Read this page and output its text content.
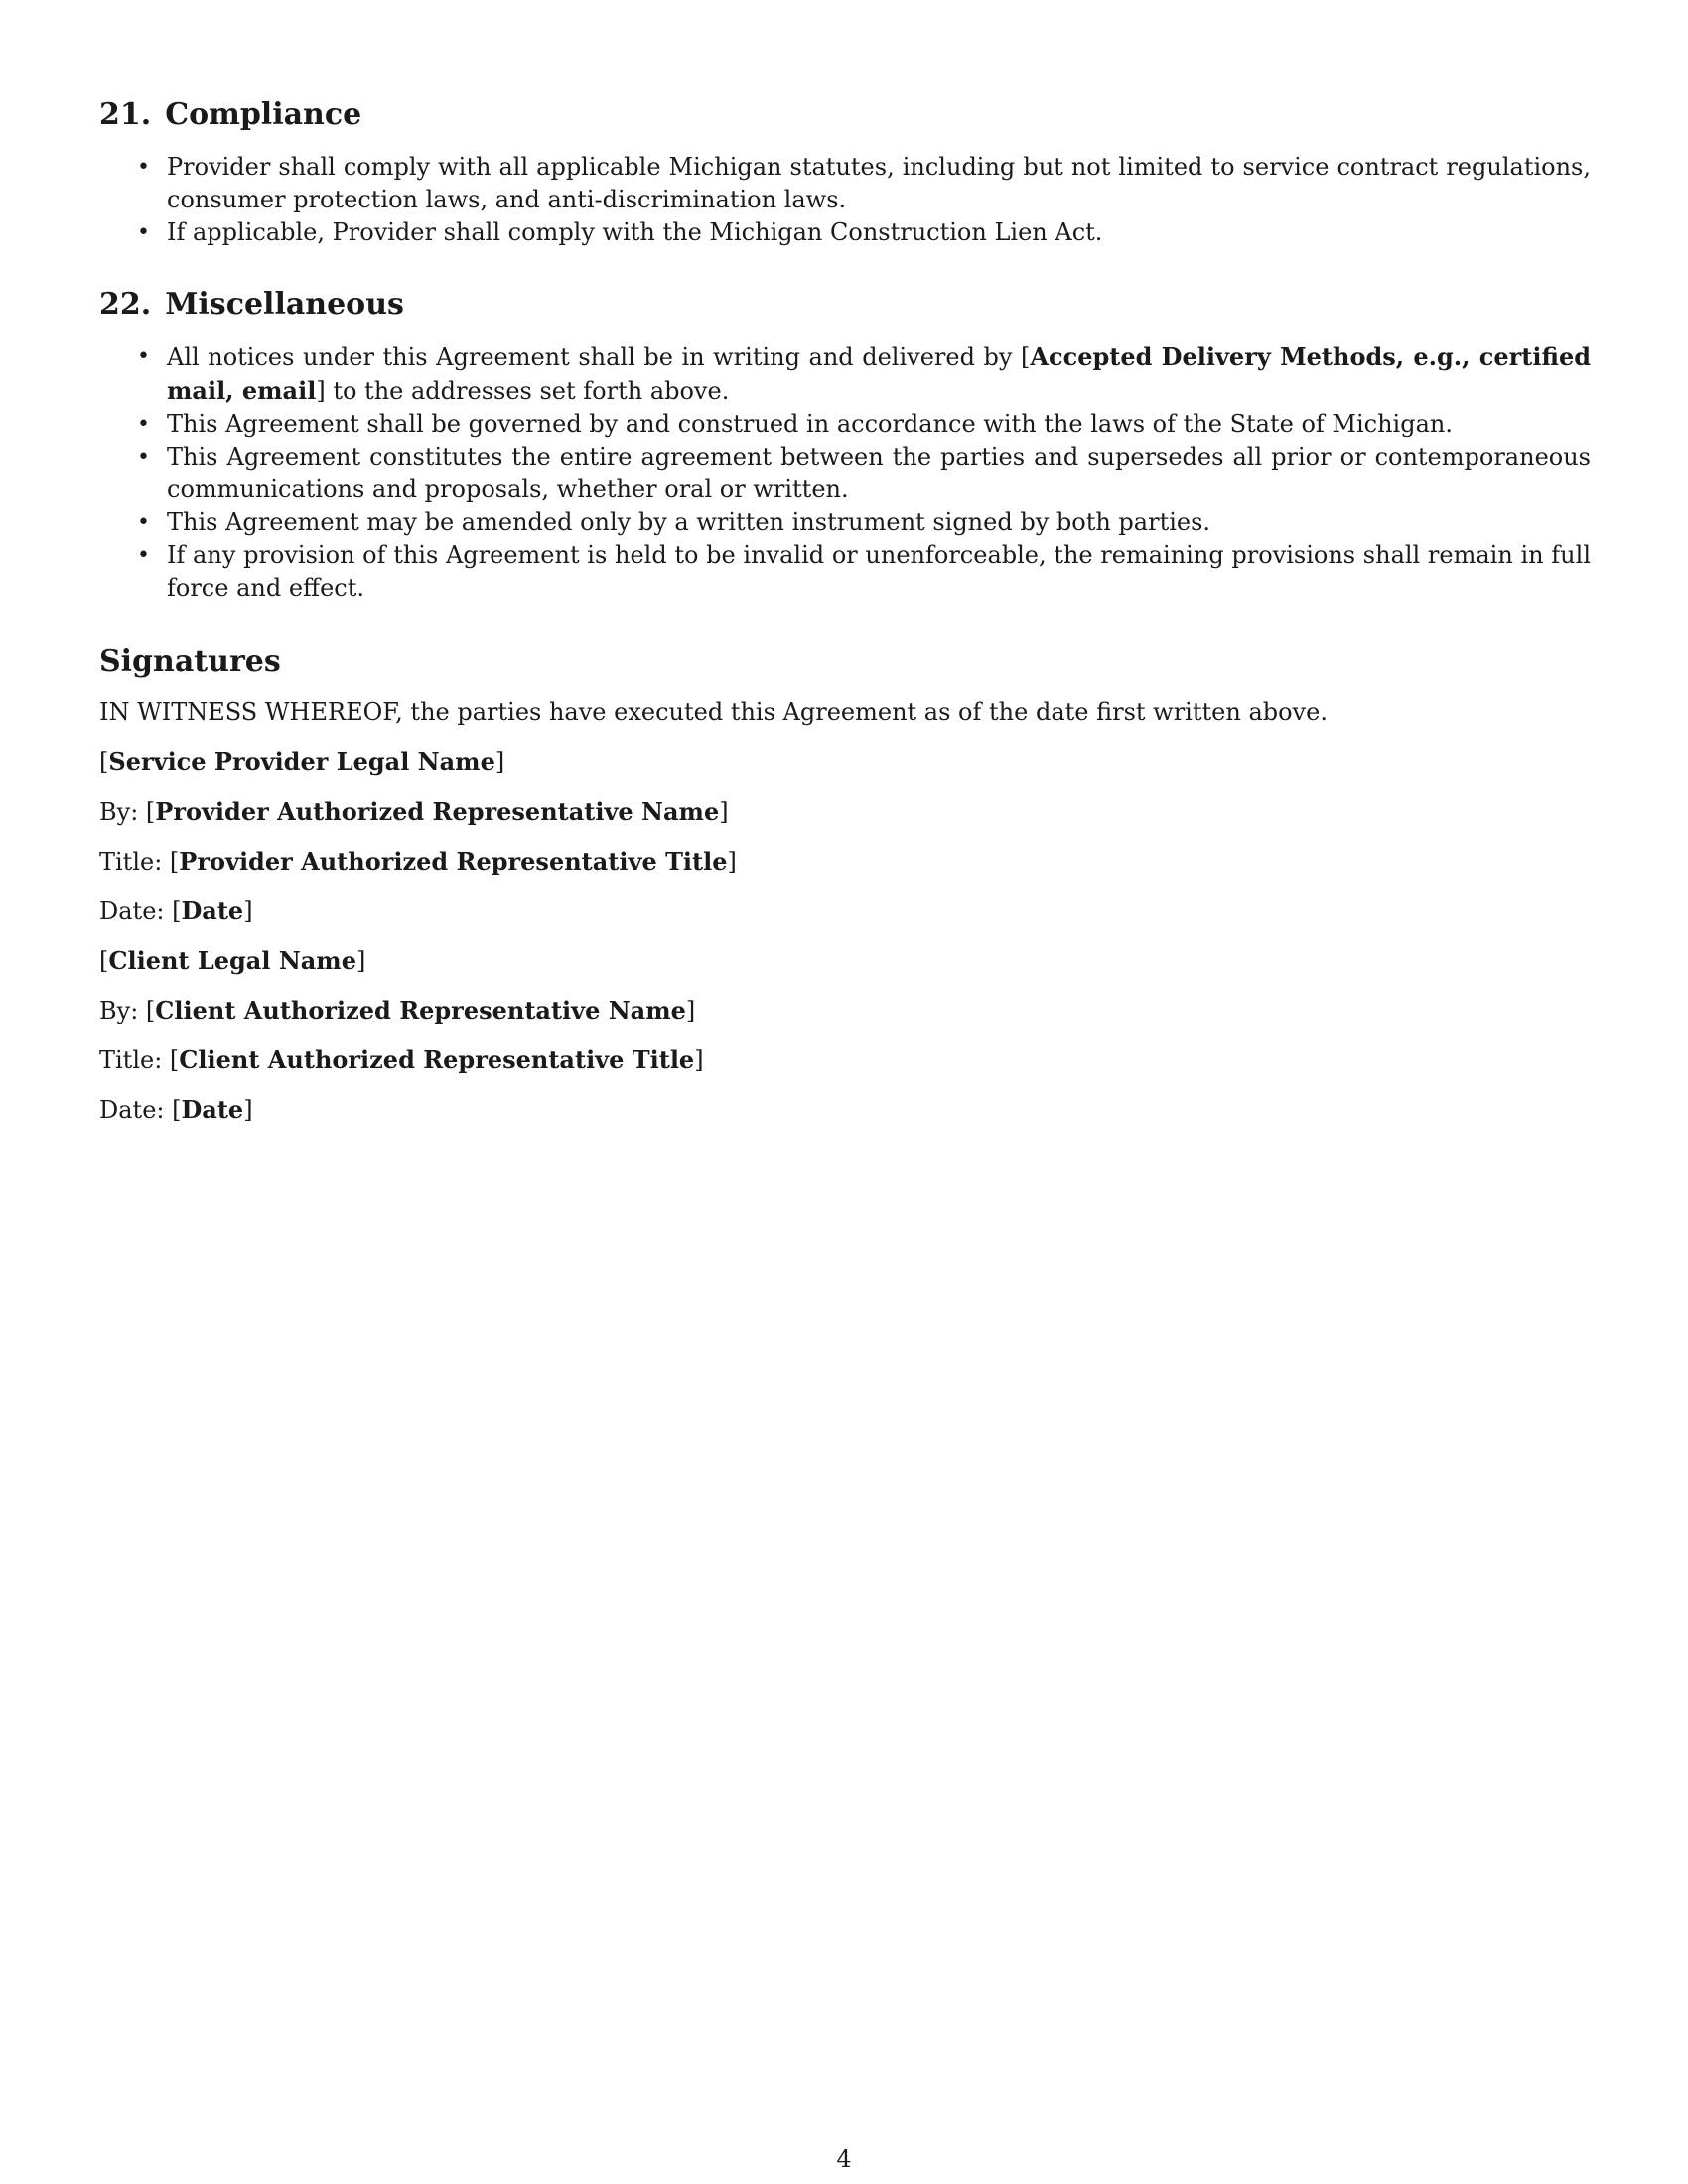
21. Compliance
• Provider shall comply with all applicable Michigan statutes, including but not limited to service contract regulations, consumer protection laws, and anti-discrimination laws.
• If applicable, Provider shall comply with the Michigan Construction Lien Act.
22. Miscellaneous
• All notices under this Agreement shall be in writing and delivered by [Accepted Delivery Methods, e.g., certified mail, email] to the addresses set forth above.
• This Agreement shall be governed by and construed in accordance with the laws of the State of Michigan.
• This Agreement constitutes the entire agreement between the parties and supersedes all prior or contemporaneous communications and proposals, whether oral or written.
• This Agreement may be amended only by a written instrument signed by both parties.
• If any provision of this Agreement is held to be invalid or unenforceable, the remaining provisions shall remain in full force and effect.
Signatures

IN WITNESS WHEREOF, the parties have executed this Agreement as of the date first written above.

[Service Provider Legal Name]

By: [Provider Authorized Representative Name]

Title: [Provider Authorized Representative Title]

Date: [Date]

[Client Legal Name]

By: [Client Authorized Representative Name]

Title: [Client Authorized Representative Title]

Date: [Date]

4
